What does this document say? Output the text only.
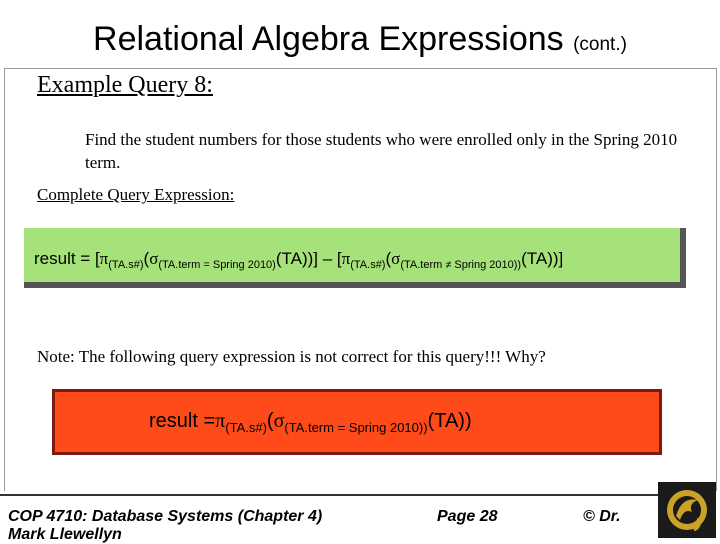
Relational Algebra Expressions (cont.)
Example Query 8:
Find the student numbers for those students who were enrolled only in the Spring 2010 term.
Complete Query Expression:
result = $[\pi_{(TA.s\#)}(\sigma_{(TA.term = Spring 2010)}(TA))] - [\pi_{(TA.s\#)}(\sigma_{(TA.term \ne Spring 2010))}(TA))]$
Note: The following query expression is not correct for this query!!! Why?
result $=\pi_{(TA.s\#)}(\sigma_{(TA.term = Spring 2010))}(TA))$
COP 4710: Database Systems (Chapter 4)
Mark Llewellyn
Page 28	© Dr.
